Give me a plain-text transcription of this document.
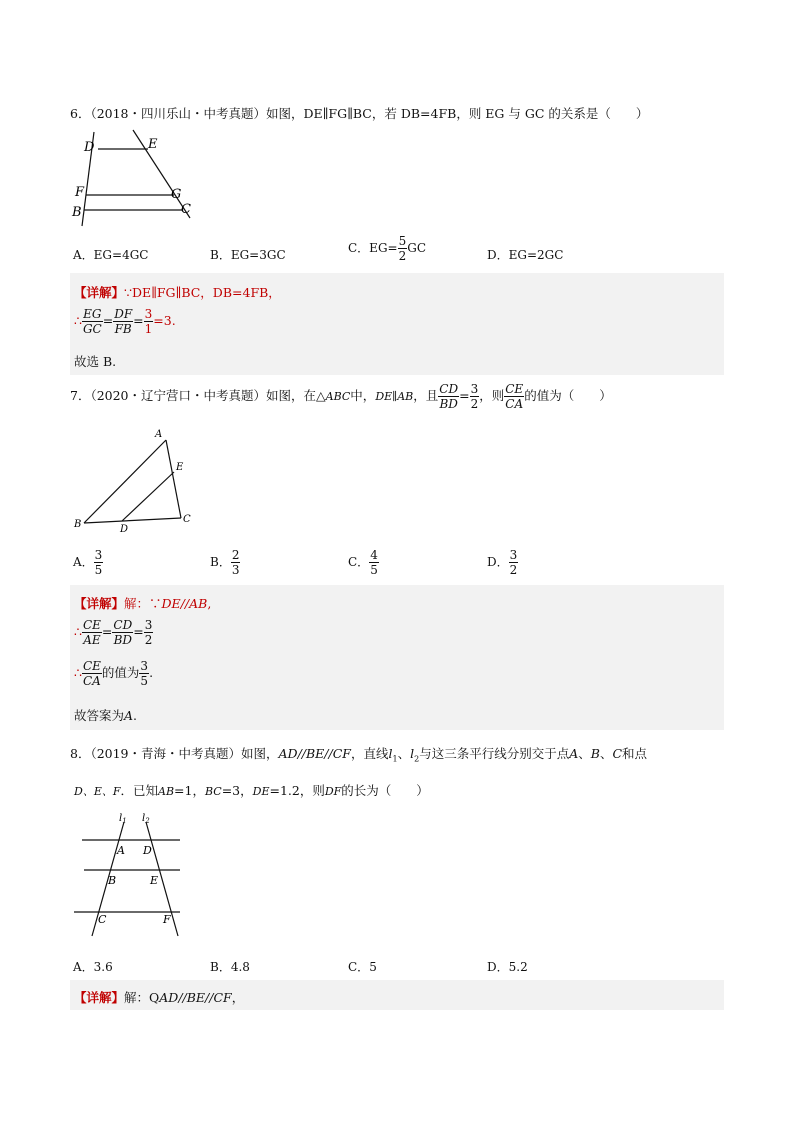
6．（2018・四川乐山・中考真题）如图，DE∥FG∥BC，若 DB=4FB，则 EG 与 GC 的关系是（　　）
D	E
F	G
B	C
A．EG=4GC	B．EG=3GC	C．$EG= \frac{5}{2}$ GC	D．EG=2GC
【详解】∵DE∥FG∥BC，DB=4FB，
∴ $\frac{EG}{GC} = \frac{DF}{FB} = \frac{3}{1} =3$.
故选 B.
7．（2020・辽宁营口・中考真题）如图，在△ABC中，DE∥AB，且 $\frac{CD}{BD} = \frac{3}{2}$ ，则 $\frac{CE}{CA}$ 的值为（　　）
A
E
B	D
C
A． $\frac{3}{5}$	B． $\frac{2}{3}$	C． $\frac{4}{5}$	D． $\frac{3}{2}$
【详解】解：∵DE//AB,
∴ $\frac{CE}{AE} = \frac{CD}{BD} = \frac{3}{2}$
∴ $\frac{CE}{CA}$ 的值为 $\frac{3}{5}$ .
故答案为A.
8．（2019・青海・中考真题）如图，AD//BE//CF，直线$l_1$、$l_2$与这三条平行线分别交于点A、B、C和点
D、E、F．已知AB=1，BC=3，DE=1.2，则DF的长为（　　）
$l_1$ $l_2$
A D
B	E
C	F
A．3.6	B．4.8	C．5	D．5.2
【详解】解：QAD//BE//CF，
